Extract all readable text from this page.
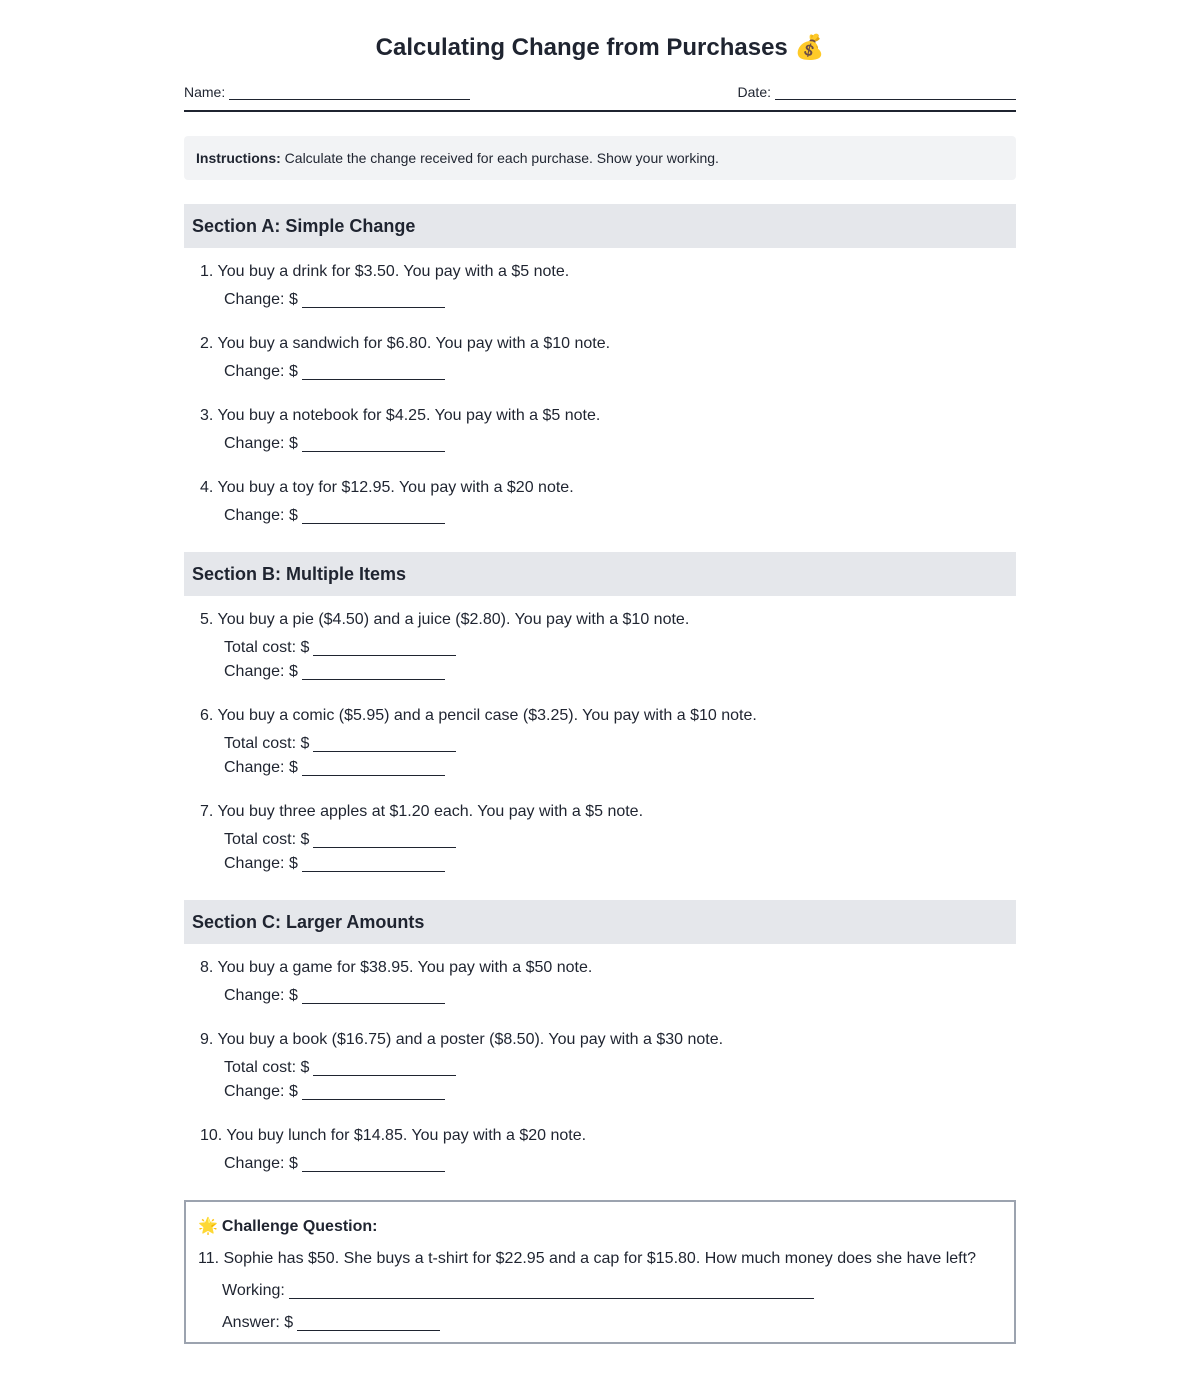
Calculating Change from Purchases 💰
Name:	Date:
Instructions: Calculate the change received for each purchase. Show your working.
Section A: Simple Change
1. You buy a drink for $3.50. You pay with a $5 note.
Change: $
2. You buy a sandwich for $6.80. You pay with a $10 note.
Change: $
3. You buy a notebook for $4.25. You pay with a $5 note.
Change: $
4. You buy a toy for $12.95. You pay with a $20 note.
Change: $
Section B: Multiple Items
5. You buy a pie ($4.50) and a juice ($2.80). You pay with a $10 note.
Total cost: $
Change: $
6. You buy a comic ($5.95) and a pencil case ($3.25). You pay with a $10 note.
Total cost: $
Change: $
7. You buy three apples at $1.20 each. You pay with a $5 note.
Total cost: $
Change: $
Section C: Larger Amounts
8. You buy a game for $38.95. You pay with a $50 note.
Change: $
9. You buy a book ($16.75) and a poster ($8.50). You pay with a $30 note.
Total cost: $
Change: $
10. You buy lunch for $14.85. You pay with a $20 note.
Change: $
🌟 Challenge Question:
11. Sophie has $50. She buys a t-shirt for $22.95 and a cap for $15.80. How much money does she have left?
Working:
Answer: $
